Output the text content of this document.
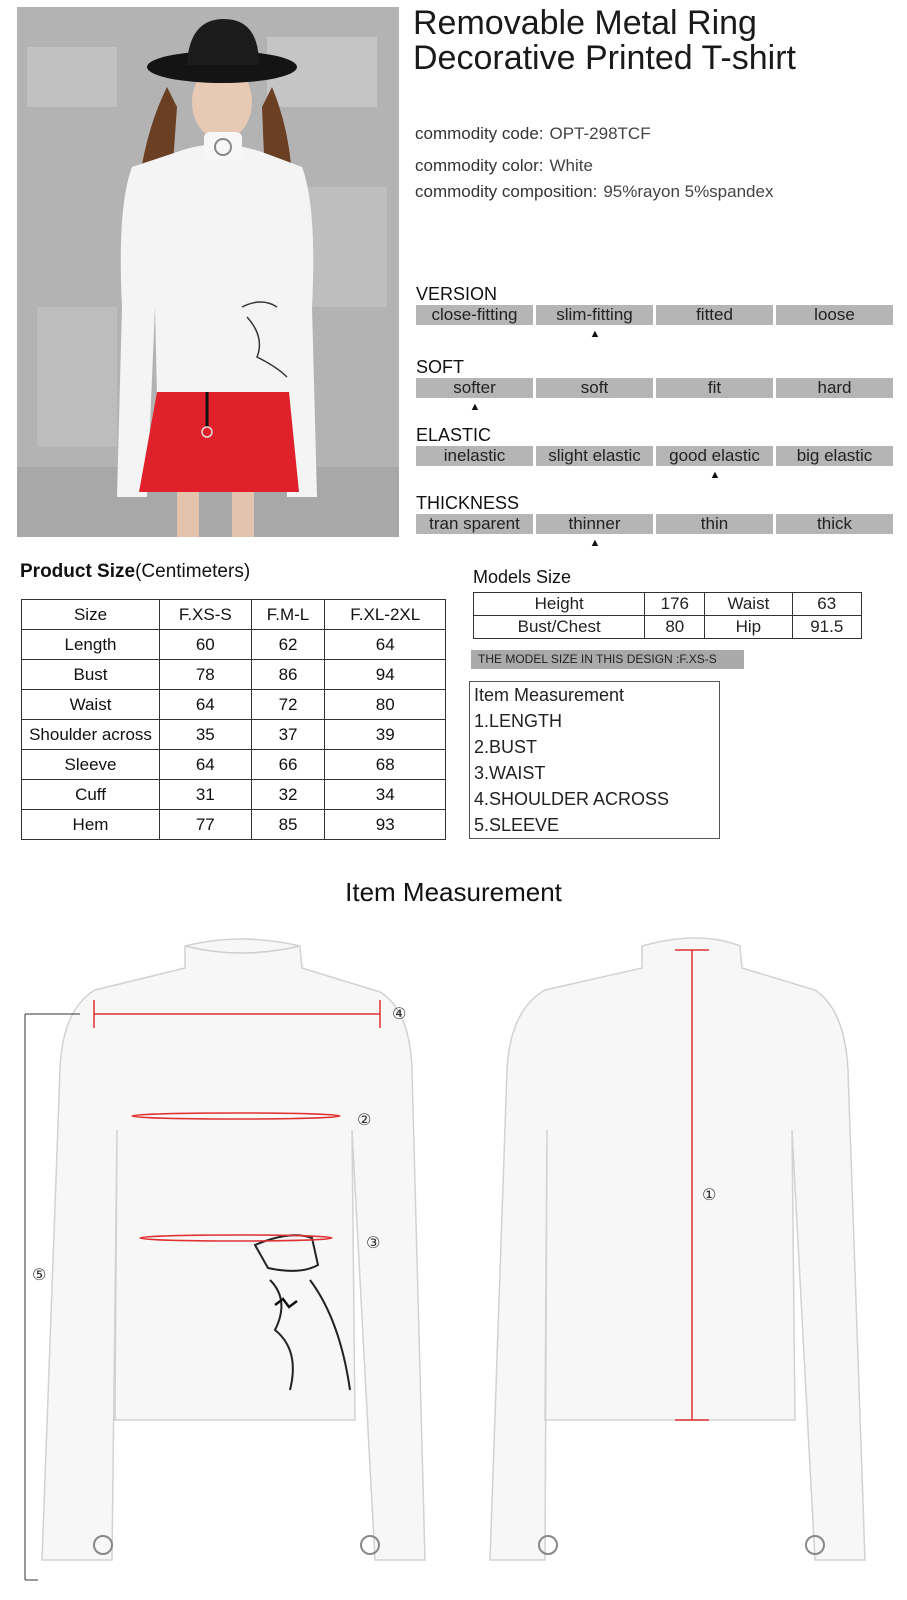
Removable Metal Ring
Decorative Printed T-shirt
commodity code: OPT-298TCF
commodity color: White
commodity composition: 95%rayon 5%spandex
VERSION
close-fitting	slim-fitting	fitted	loose
▲
SOFT
softer	soft	fit	hard
▲
ELASTIC
inelastic	slight elastic	good elastic	big elastic
▲
THICKNESS
tran sparent	thinner	thin	thick
▲
Product Size(Centimeters)
Size	F.XS-S	F.M-L	F.XL-2XL
Length	60	62	64
Bust	78	86	94
Waist	64	72	80
Shoulder across	35	37	39
Sleeve	64	66	68
Cuff	31	32	34
Hem	77	85	93
Models Size
Height	176	Waist	63
Bust/Chest	80	Hip	91.5
THE MODEL SIZE IN THIS DESIGN :F.XS-S
Item Measurement
1.LENGTH
2.BUST
3.WAIST
4.SHOULDER ACROSS
5.SLEEVE
Item Measurement
④
②
③
⑤
①
